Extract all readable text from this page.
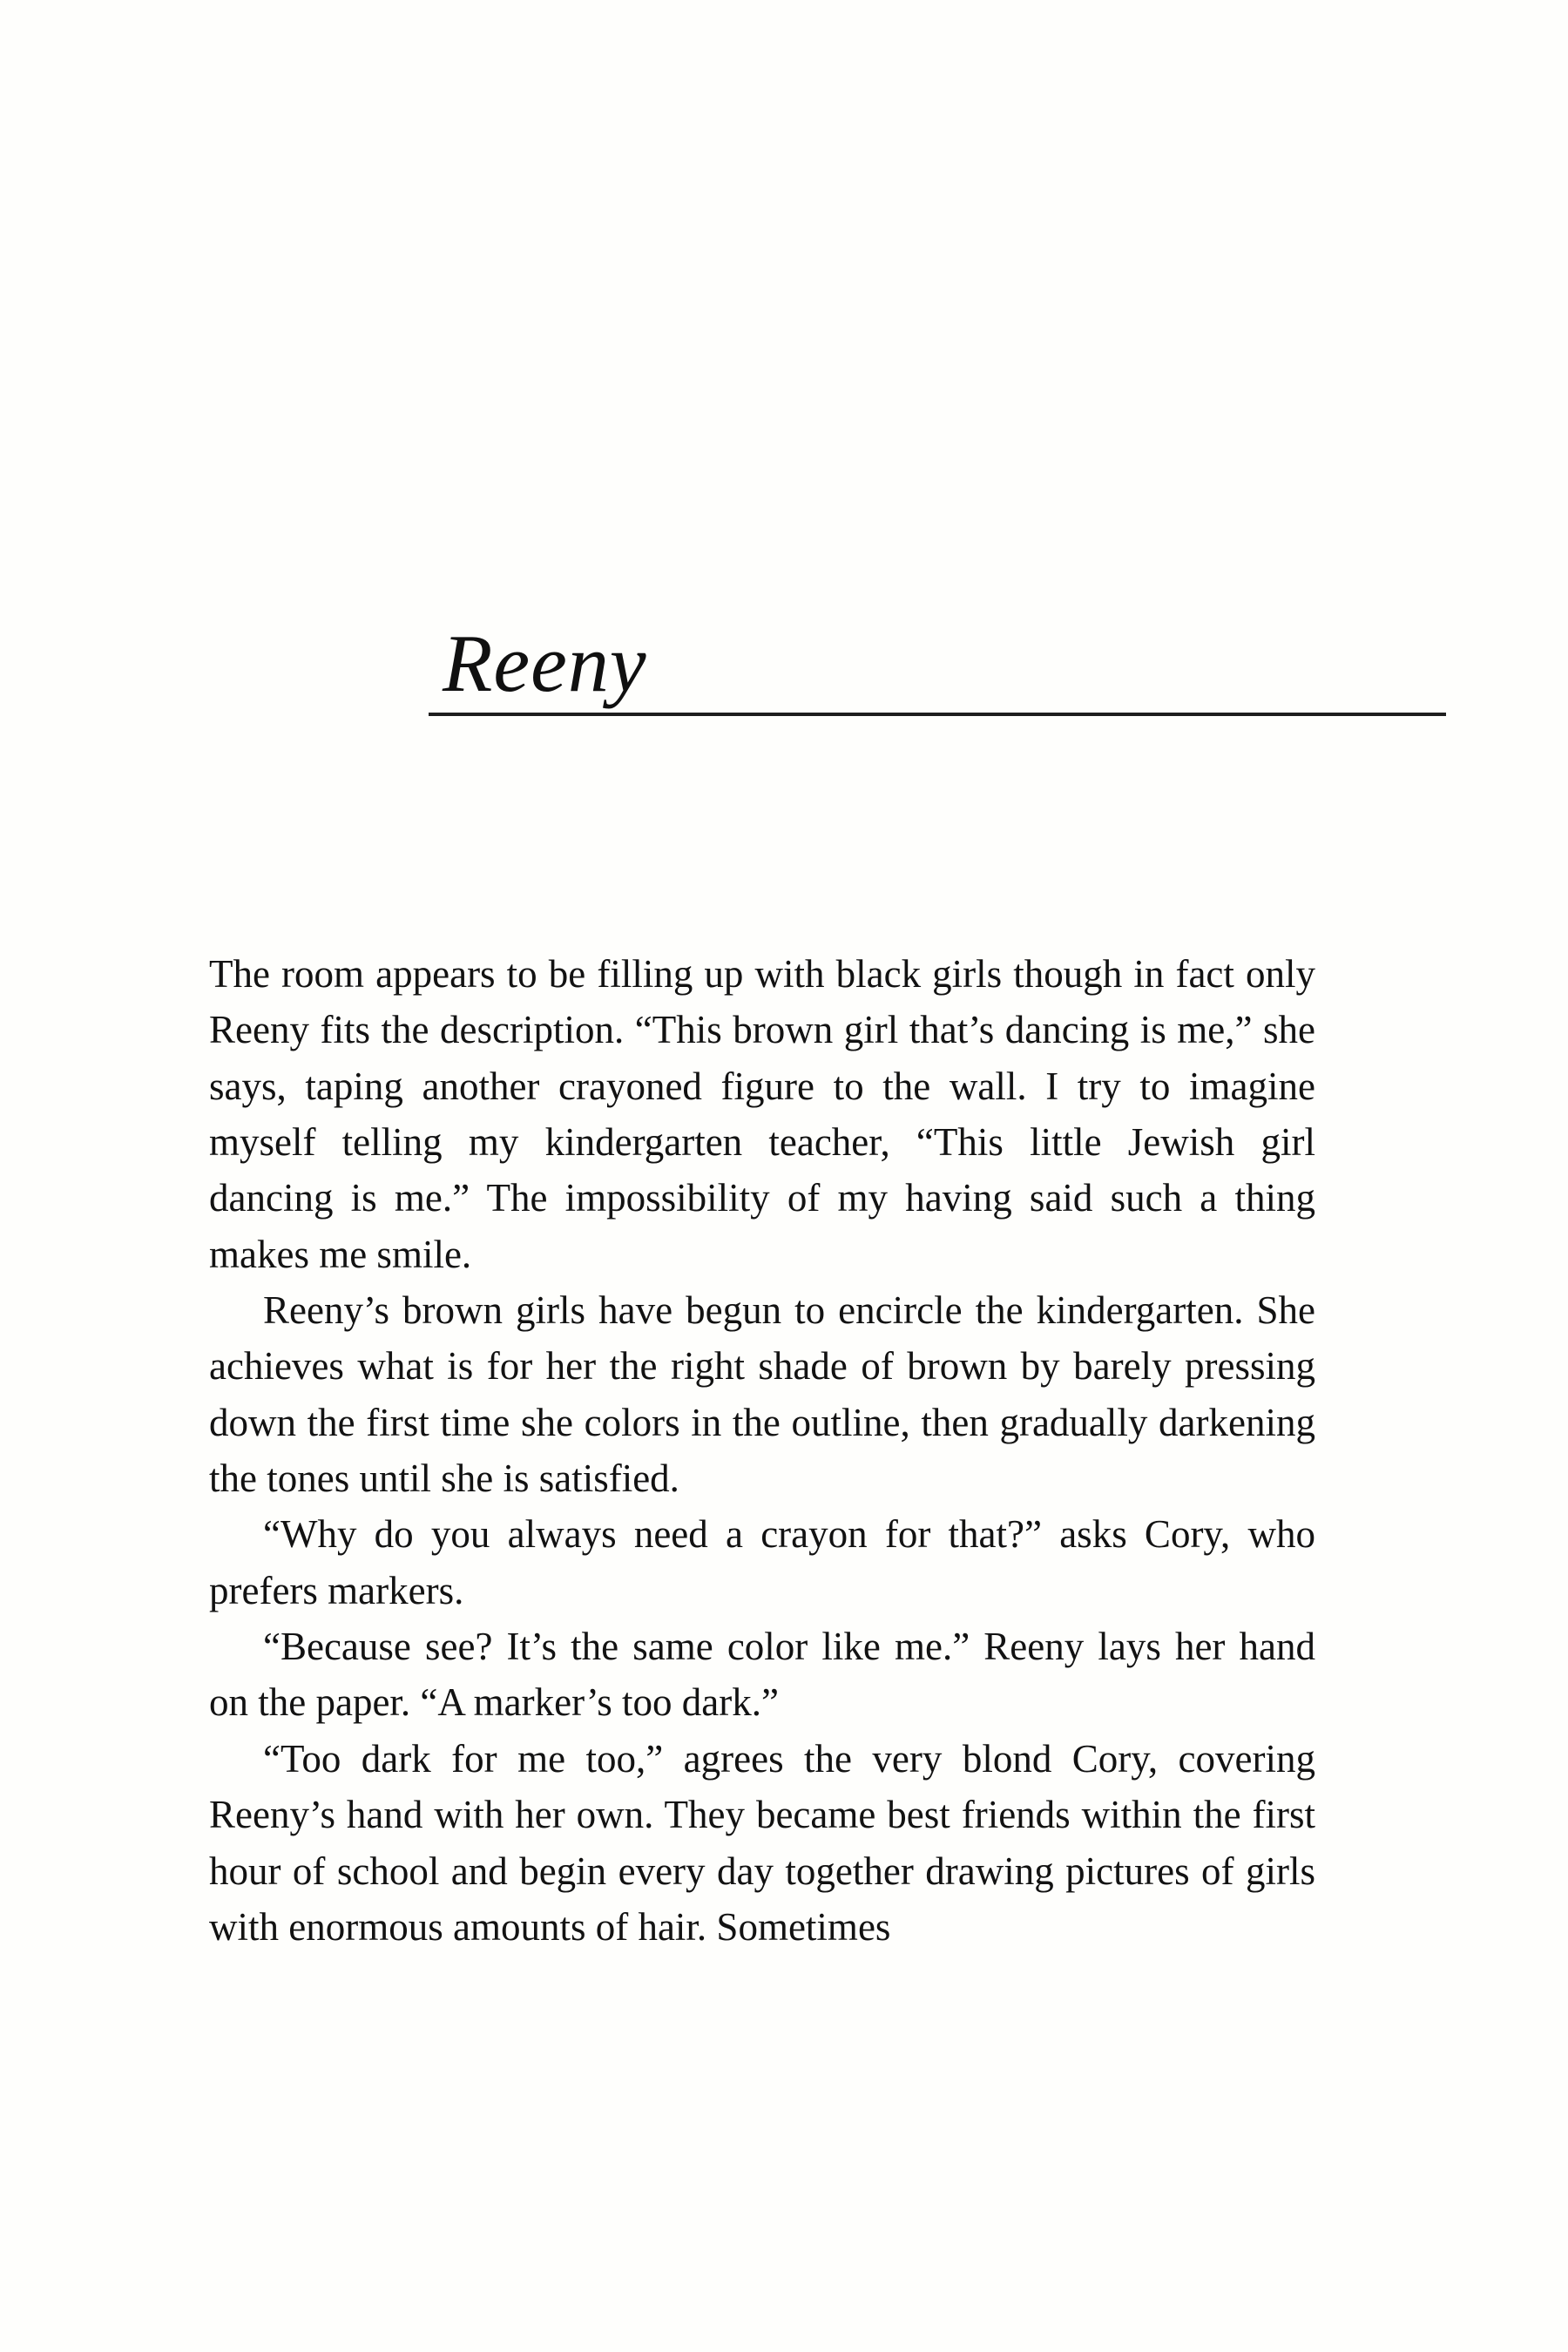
Reeny

The room appears to be filling up with black girls though in fact only Reeny fits the description. “This brown girl that’s dancing is me,” she says, taping another crayoned figure to the wall. I try to imagine myself telling my kindergarten teacher, “This little Jewish girl dancing is me.” The impossibility of my having said such a thing makes me smile.

Reeny’s brown girls have begun to encircle the kindergarten. She achieves what is for her the right shade of brown by barely pressing down the first time she colors in the outline, then gradually darkening the tones until she is satisfied.

“Why do you always need a crayon for that?” asks Cory, who prefers markers.

“Because see? It’s the same color like me.” Reeny lays her hand on the paper. “A marker’s too dark.”

“Too dark for me too,” agrees the very blond Cory, covering Reeny’s hand with her own. They became best friends within the first hour of school and begin every day together drawing pictures of girls with enormous amounts of hair. Sometimes
